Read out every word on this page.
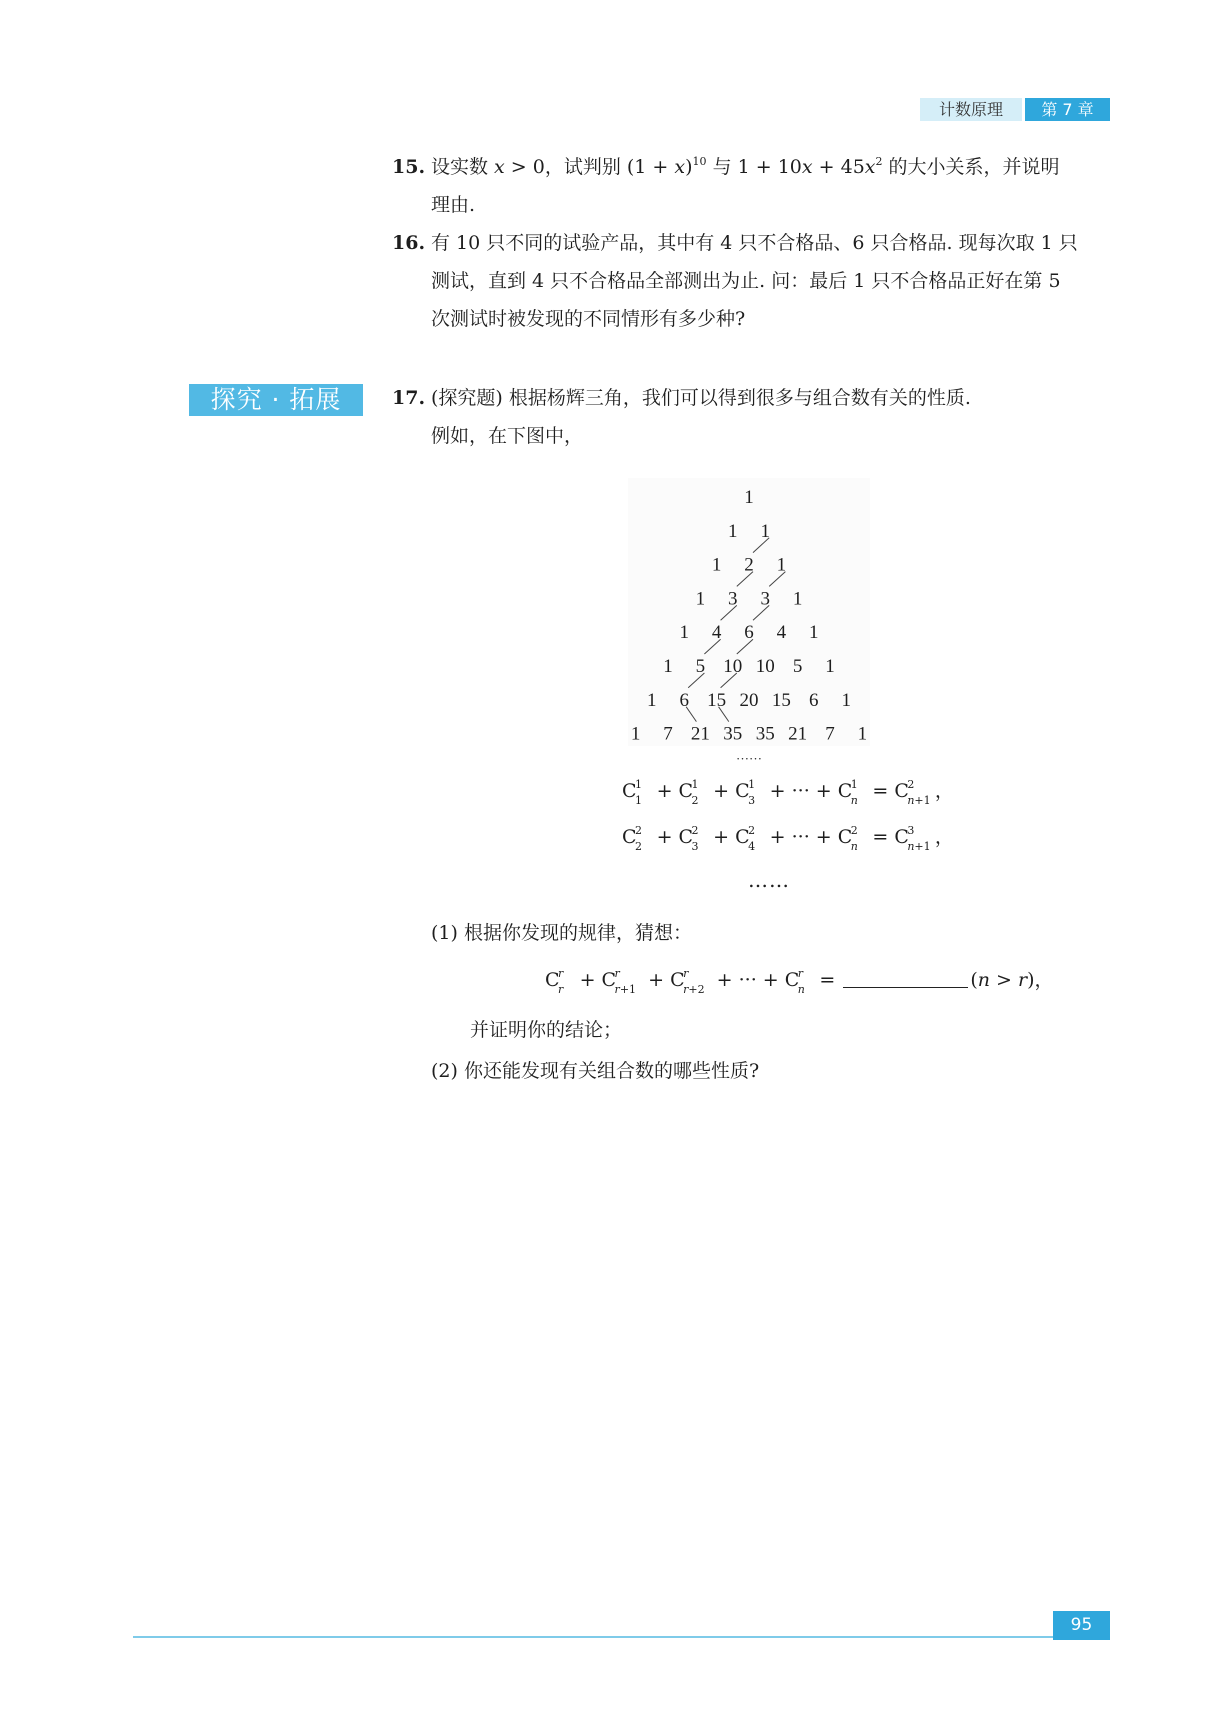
计数原理	第 7 章
15. 设实数 x > 0，试判别 $(1 + x)^{10}$ 与 $1 + 10x + 45x^2$ 的大小关系，并说明
理由.
16. 有 10 只不同的试验产品，其中有 4 只不合格品、6 只合格品. 现每次取 1 只
测试，直到 4 只不合格品全部测出为止. 问：最后 1 只不合格品正好在第 5
次测试时被发现的不同情形有多少种?
探究 · 拓展	17. (探究题) 根据杨辉三角，我们可以得到很多与组合数有关的性质.
例如，在下图中，
1
1 1
1 2 1
1 3 3 1
1 4 6 4 1
1 5 10 10 5 1
1 6 15 20 15 6 1
1 7 21 35 35 21 7 1
……
C
1
1 + C
1
2 + C
1
3 + ··· + C
1
n = C
2
n+1 ，
C
2
2 + C
2
3 + C
2
4 + ··· + C
2
n = C
3
n+1 ，
……
(1) 根据你发现的规律，猜想：
C
r
r + C
r
r+1 + C
r
r+2 + ··· + C
r
n =	(n > r)，
并证明你的结论；
(2) 你还能发现有关组合数的哪些性质?
95
